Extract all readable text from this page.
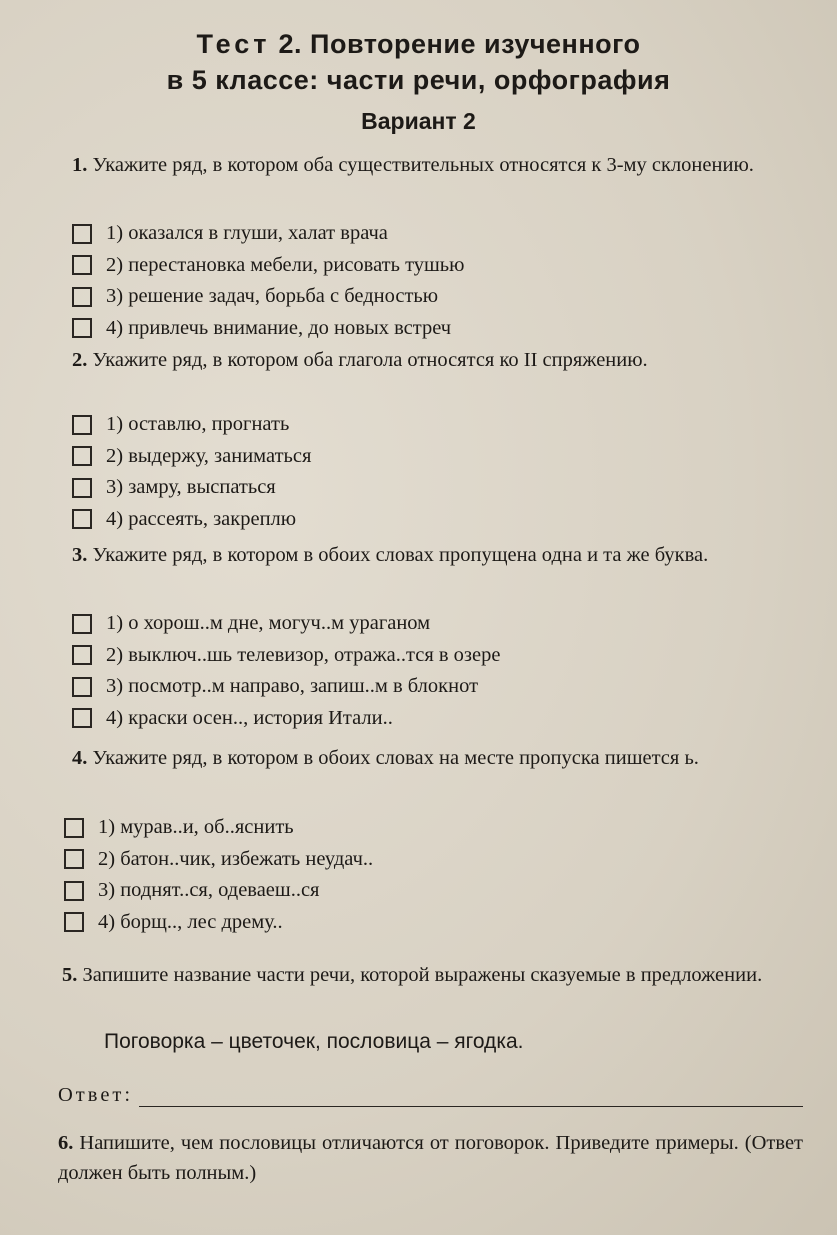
Тест 2. Повторение изученного
в 5 классе: части речи, орфография
Вариант 2
1. Укажите ряд, в котором оба существительных относятся к 3-му склонению.
1) оказался в глуши, халат врача
2) перестановка мебели, рисовать тушью
3) решение задач, борьба с бедностью
4) привлечь внимание, до новых встреч
2. Укажите ряд, в котором оба глагола относятся ко II спряжению.
1) оставлю, прогнать
2) выдержу, заниматься
3) замру, выспаться
4) рассеять, закреплю
3. Укажите ряд, в котором в обоих словах пропущена одна и та же буква.
1) о хорош..м дне, могуч..м ураганом
2) выключ..шь телевизор, отража..тся в озере
3) посмотр..м направо, запиш..м в блокнот
4) краски осен.., история Итали..
4. Укажите ряд, в котором в обоих словах на месте пропуска пишется ь.
1) мурав..и, об..яснить
2) батон..чик, избежать неудач..
3) поднят..ся, одеваеш..ся
4) борщ.., лес дрему..
5. Запишите название части речи, которой выражены сказуемые в предложении.
Поговорка – цветочек, пословица – ягодка.
Ответ:
6. Напишите, чем пословицы отличаются от поговорок. Приведите примеры. (Ответ должен быть полным.)
